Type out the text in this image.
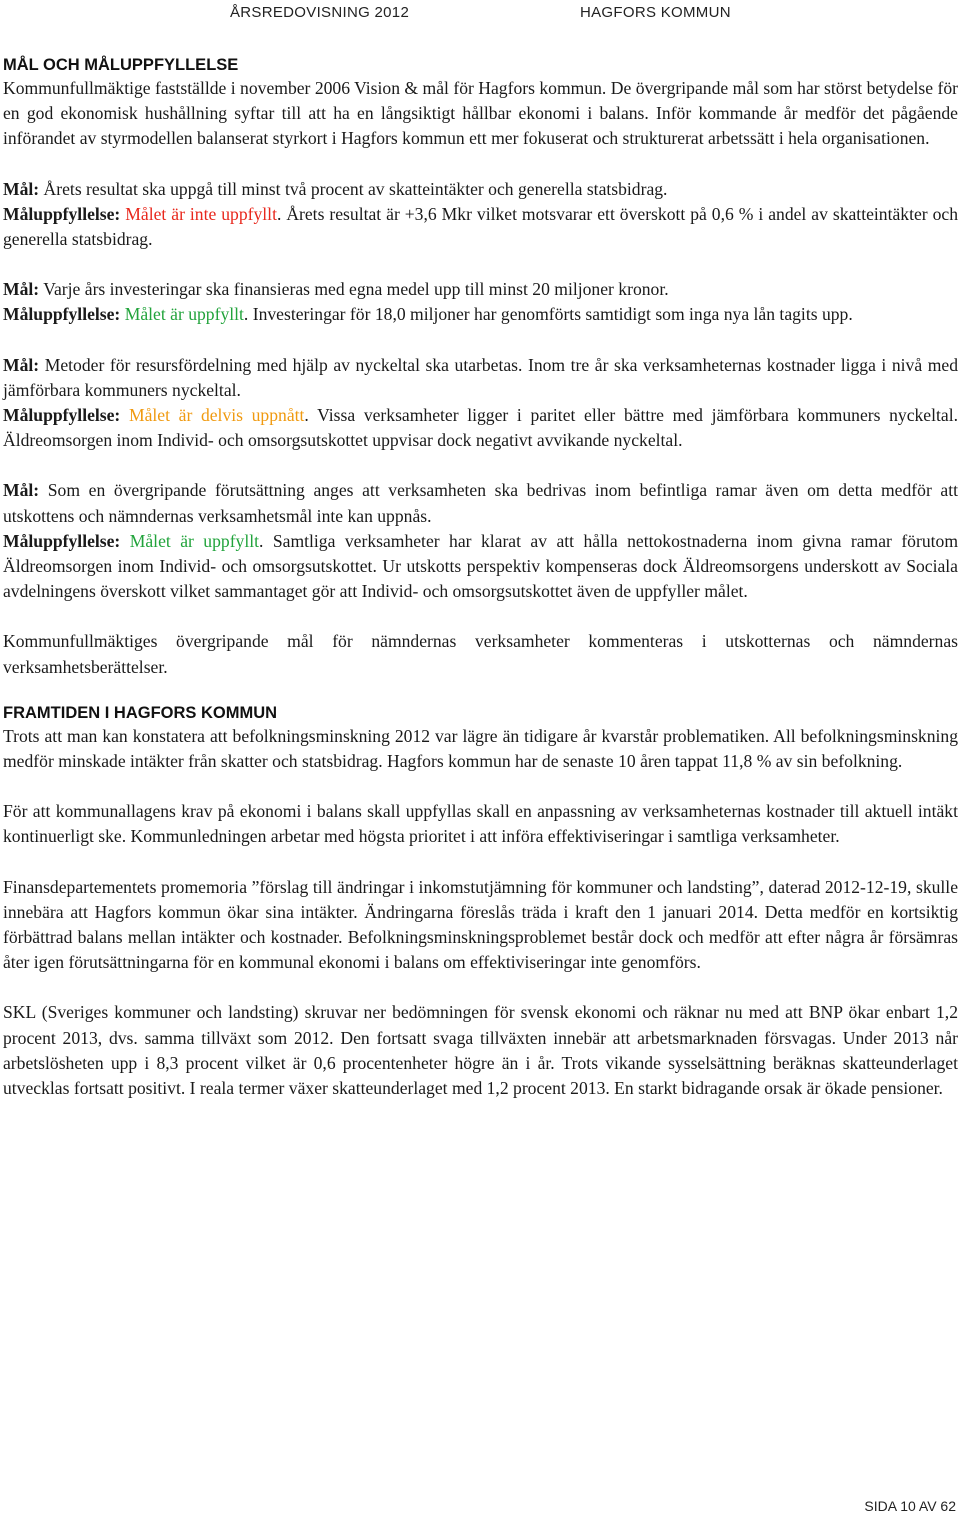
ÅRSREDOVISNING 2012	HAGFORS KOMMUN
MÅL OCH MÅLUPPFYLLELSE

Kommunfullmäktige fastställde i november 2006 Vision & mål för Hagfors kommun. De övergripande mål som har störst betydelse för en god ekonomisk hushållning syftar till att ha en långsiktigt hållbar ekonomi i balans. Inför kommande år medför det pågående införandet av styrmodellen balanserat styrkort i Hagfors kommun ett mer fokuserat och strukturerat arbetssätt i hela organisationen.

Mål: Årets resultat ska uppgå till minst två procent av skatteintäkter och generella statsbidrag.

Måluppfyllelse: Målet är inte uppfyllt. Årets resultat är +3,6 Mkr vilket motsvarar ett överskott på 0,6 % i andel av skatteintäkter och generella statsbidrag.

Mål: Varje års investeringar ska finansieras med egna medel upp till minst 20 miljoner kronor.

Måluppfyllelse: Målet är uppfyllt. Investeringar för 18,0 miljoner har genomförts samtidigt som inga nya lån tagits upp.

Mål: Metoder för resursfördelning med hjälp av nyckeltal ska utarbetas. Inom tre år ska verksamheternas kostnader ligga i nivå med jämförbara kommuners nyckeltal.

Måluppfyllelse: Målet är delvis uppnått. Vissa verksamheter ligger i paritet eller bättre med jämförbara kommuners nyckeltal. Äldreomsorgen inom Individ- och omsorgsutskottet uppvisar dock negativt avvikande nyckeltal.

Mål: Som en övergripande förutsättning anges att verksamheten ska bedrivas inom befintliga ramar även om detta medför att utskottens och nämndernas verksamhetsmål inte kan uppnås.

Måluppfyllelse: Målet är uppfyllt. Samtliga verksamheter har klarat av att hålla nettokostnaderna inom givna ramar förutom Äldreomsorgen inom Individ- och omsorgsutskottet. Ur utskotts perspektiv kompenseras dock Äldreomsorgens underskott av Sociala avdelningens överskott vilket sammantaget gör att Individ- och omsorgsutskottet även de uppfyller målet.

Kommunfullmäktiges övergripande mål för nämndernas verksamheter kommenteras i utskotternas och nämndernas verksamhetsberättelser.

FRAMTIDEN I HAGFORS KOMMUN

Trots att man kan konstatera att befolkningsminskning 2012 var lägre än tidigare år kvarstår problematiken. All befolkningsminskning medför minskade intäkter från skatter och statsbidrag. Hagfors kommun har de senaste 10 åren tappat 11,8 % av sin befolkning.

För att kommunallagens krav på ekonomi i balans skall uppfyllas skall en anpassning av verksamheternas kostnader till aktuell intäkt kontinuerligt ske. Kommunledningen arbetar med högsta prioritet i att införa effektiviseringar i samtliga verksamheter.

Finansdepartementets promemoria ”förslag till ändringar i inkomstutjämning för kommuner och landsting”, daterad 2012-12-19, skulle innebära att Hagfors kommun ökar sina intäkter. Ändringarna föreslås träda i kraft den 1 januari 2014. Detta medför en kortsiktig förbättrad balans mellan intäkter och kostnader. Befolkningsminskningsproblemet består dock och medför att efter några år försämras åter igen förutsättningarna för en kommunal ekonomi i balans om effektiviseringar inte genomförs.

SKL (Sveriges kommuner och landsting) skruvar ner bedömningen för svensk ekonomi och räknar nu med att BNP ökar enbart 1,2 procent 2013, dvs. samma tillväxt som 2012. Den fortsatt svaga tillväxten innebär att arbetsmarknaden försvagas. Under 2013 når arbetslösheten upp i 8,3 procent vilket är 0,6 procentenheter högre än i år. Trots vikande sysselsättning beräknas skatteunderlaget utvecklas fortsatt positivt. I reala termer växer skatteunderlaget med 1,2 procent 2013. En starkt bidragande orsak är ökade pensioner.

SIDA 10 AV 62
